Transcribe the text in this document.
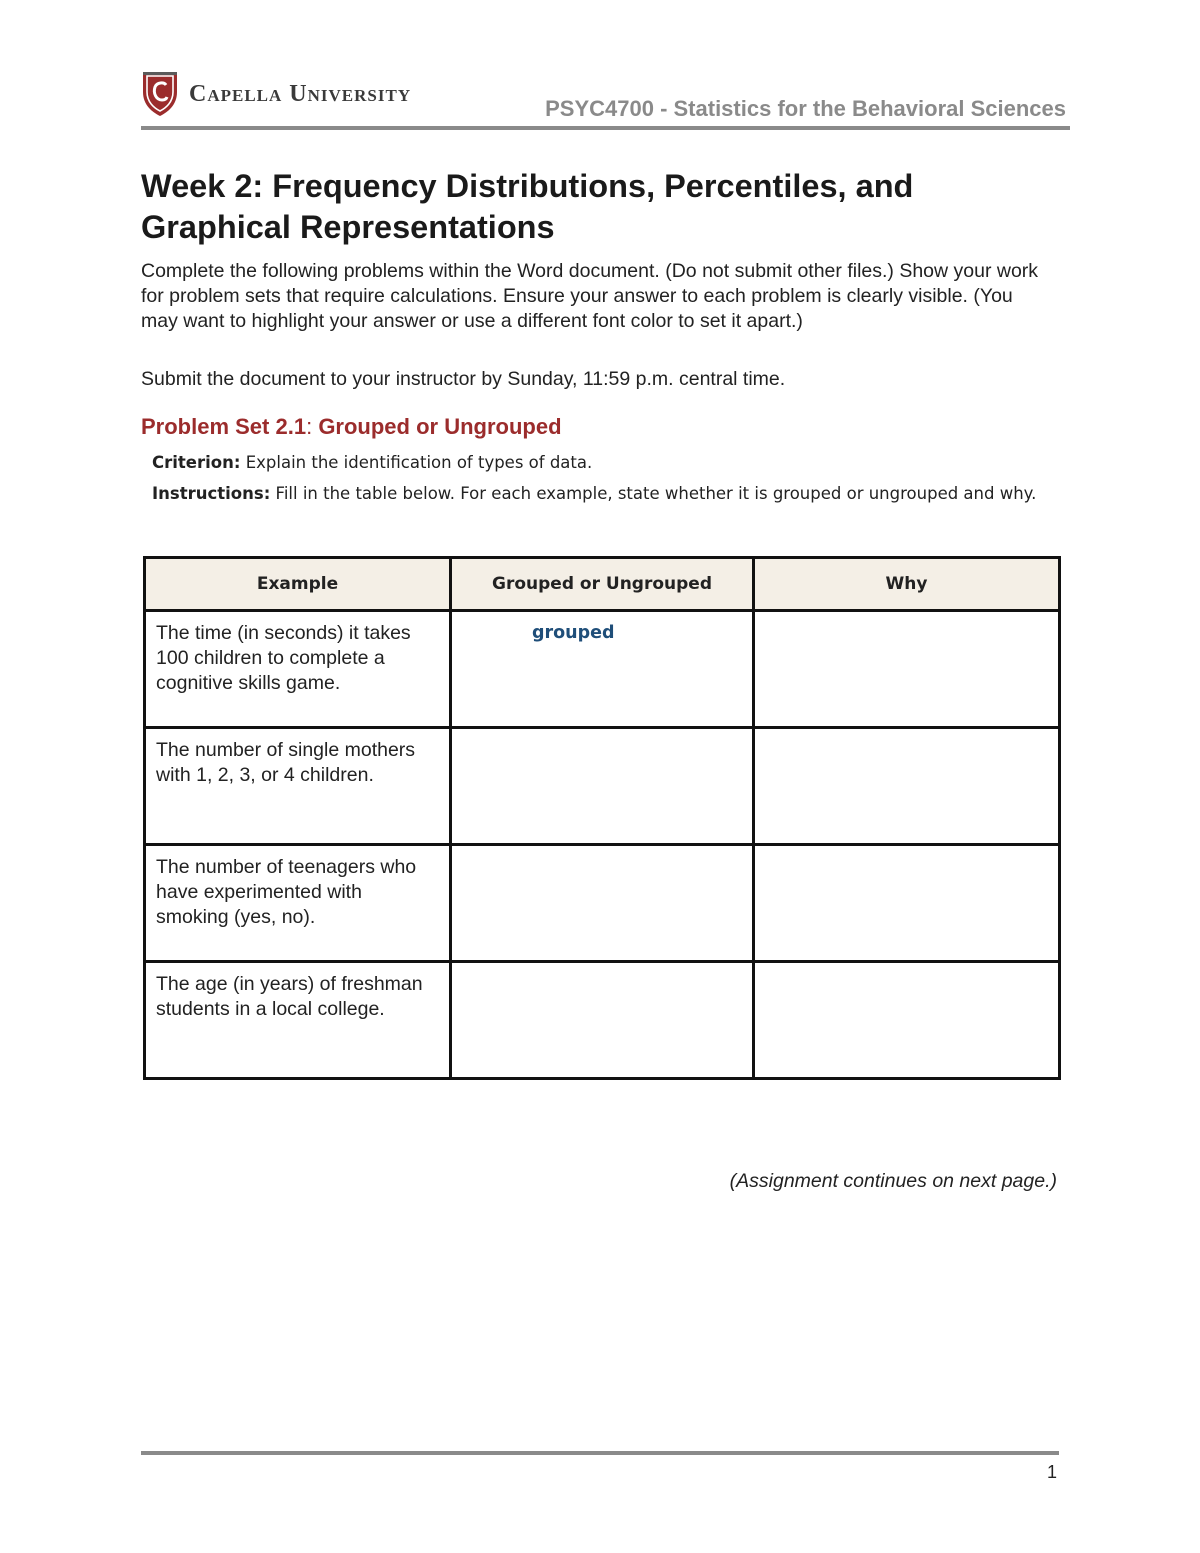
Capella University
PSYC4700 - Statistics for the Behavioral Sciences
Week 2: Frequency Distributions, Percentiles, and Graphical Representations

Complete the following problems within the Word document. (Do not submit other files.) Show your work for problem sets that require calculations. Ensure your answer to each problem is clearly visible. (You may want to highlight your answer or use a different font color to set it apart.)

Submit the document to your instructor by Sunday, 11:59 p.m. central time.

Problem Set 2.1: Grouped or Ungrouped

Criterion: Explain the identification of types of data.

Instructions: Fill in the table below. For each example, state whether it is grouped or ungrouped and why.

Example	Grouped or Ungrouped	Why
The time (in seconds) it takes 100 children to complete a cognitive skills game.	grouped	
The number of single mothers with 1, 2, 3, or 4 children.		
The number of teenagers who have experimented with smoking (yes, no).		
The age (in years) of freshman students in a local college.		
(Assignment continues on next page.)
1
